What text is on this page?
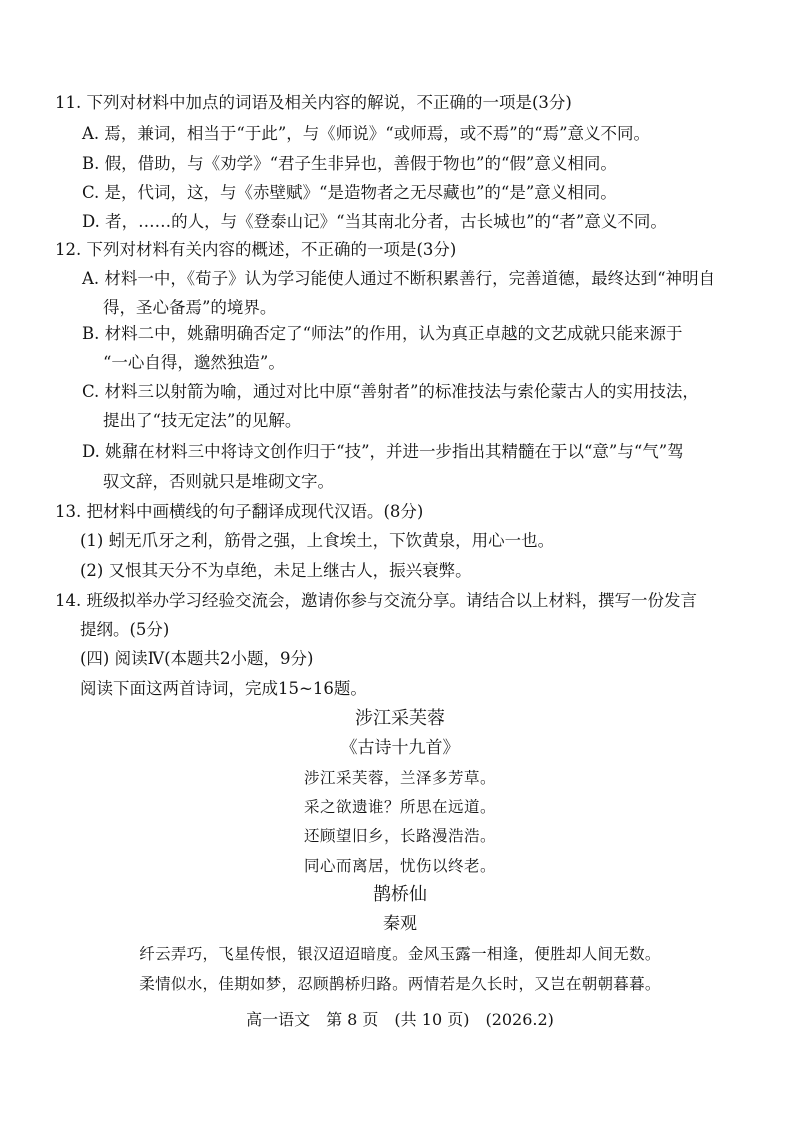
11. 下列对材料中加点的词语及相关内容的解说，不正确的一项是(3分)
A. 焉，兼词，相当于“于此”，与《师说》“或师焉，或不焉”的“焉”意义不同。
B. 假，借助，与《劝学》“君子生非异也，善假于物也”的“假”意义相同。
C. 是，代词，这，与《赤壁赋》“是造物者之无尽藏也”的“是”意义相同。
D. 者，……的人，与《登泰山记》“当其南北分者，古长城也”的“者”意义不同。
12. 下列对材料有关内容的概述，不正确的一项是(3分)
A. 材料一中，《荀子》认为学习能使人通过不断积累善行，完善道德，最终达到“神明自
得，圣心备焉”的境界。
B. 材料二中，姚鼐明确否定了“师法”的作用，认为真正卓越的文艺成就只能来源于
“一心自得，邈然独造”。
C. 材料三以射箭为喻，通过对比中原“善射者”的标准技法与索伦蒙古人的实用技法，
提出了“技无定法”的见解。
D. 姚鼐在材料三中将诗文创作归于“技”，并进一步指出其精髓在于以“意”与“气”驾
驭文辞，否则就只是堆砌文字。
13. 把材料中画横线的句子翻译成现代汉语。(8分)
(1) 蚓无爪牙之利，筋骨之强，上食埃土，下饮黄泉，用心一也。
(2) 又恨其天分不为卓绝，未足上继古人，振兴衰弊。
14. 班级拟举办学习经验交流会，邀请你参与交流分享。请结合以上材料，撰写一份发言
提纲。(5分)
(四) 阅读Ⅳ(本题共2小题，9分)
阅读下面这两首诗词，完成15~16题。
涉江采芙蓉
《古诗十九首》
涉江采芙蓉，兰泽多芳草。
采之欲遗谁？所思在远道。
还顾望旧乡，长路漫浩浩。
同心而离居，忧伤以终老。
鹊桥仙
秦观
纤云弄巧，飞星传恨，银汉迢迢暗度。金风玉露一相逢，便胜却人间无数。
柔情似水，佳期如梦，忍顾鹊桥归路。两情若是久长时，又岂在朝朝暮暮。
高一语文　第 8 页　(共 10 页)　(2026.2)
